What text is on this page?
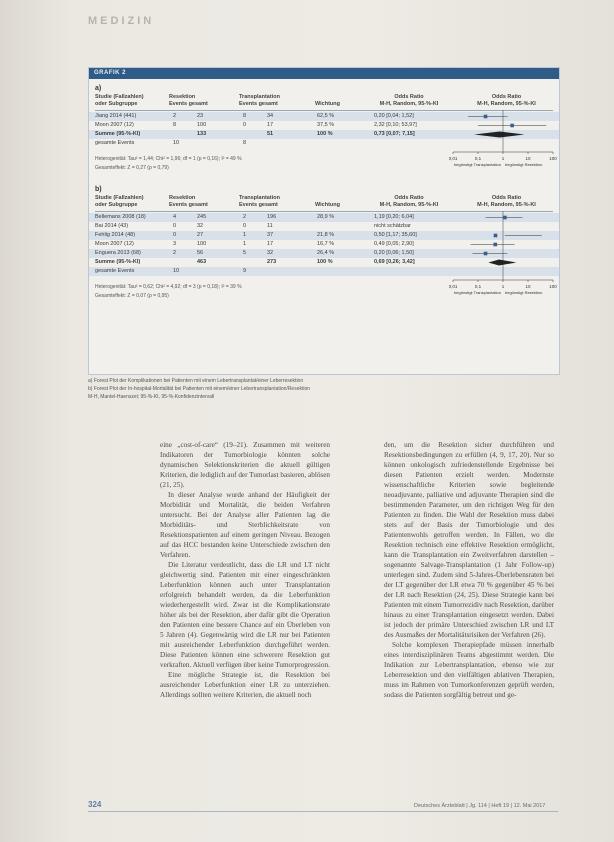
MEDIZIN
GRAFIK 2
a)
Studie (Fallzahlen)
oder Subgruppe
Resektion
Events gesamt
Transplantation
Events gesamt	Wichtung
Odds Ratio
M-H, Random, 95-%-KI
Odds Ratio
M-H, Random, 95-%-KI
Jiang 2014 (441)	2	23	8	34	62,5 %	0,20 [0,04; 1,52]
Moon 2007 (12)	8	100	0	17	37,5 %	2,32 [0,10; 53,97]
Summe (95-%-KI)	133	51	100 %	0,73 [0,07; 7,15]
gesamte Events	10	8
Heterogenität: Tau² = 1,44; Chi² = 1,96; df = 1 (p = 0,16); I² = 49 %
Gesamteffekt: Z = 0,27 (p = 0,79)
0,01	0,1	1	10	100
begünstigt Transplantation begünstigt Resektion
b)
Studie (Fallzahlen)
oder Subgruppe
Resektion
Events gesamt
Transplantation
Events gesamt	Wichtung
Odds Ratio
M-H, Random, 95-%-KI
Odds Ratio
M-H, Random, 95-%-KI
Bellemans 2008 (18)	4	245	2	196	28,9 %	1,19 [0,20; 6,04]
Bai 2014 (43)	0	32	0	11	nicht schätzbar
Fehlig 2014 (48)	0	27	1	37	21,8 %	0,50 [1,17; 35,60]
Moon 2007 (12)	3	100	1	17	16,7 %	0,49 [0,05; 2,90]
Enguera 2013 (68)	2	56	5	32	26,4 %	0,20 [0,06; 1,50]
Summe (95-%-KI)	463	273	100 %	0,69 [0,26; 3,42]
gesamte Events	10	9
Heterogenität: Tau² = 0,62; Chi² = 4,92; df = 3 (p = 0,18); I² = 39 %
Gesamteffekt: Z = 0,07 (p = 0,95)
0,01	0,1	1	10	100
begünstigt Transplantation begünstigt Resektion
a) Forest Plot der Komplikationen bei Patienten mit einem Lebertransplantat/einer Leberresektion
b) Forest Plot der In-hospital-Mortalität bei Patienten mit einem/einer Lebertransplantation/Resektion
M-H, Mantel-Haenszel; 95-%-KI, 95-%-Konfidenzintervall

eine „cost-of-care“ (19–21). Zusammen mit weiteren Indikatoren der Tumorbiologie könnten solche dynamischen Selektionskriterien die aktuell gültigen Kriterien, die lediglich auf der Tumorlast basieren, ablösen (21, 25).

In dieser Analyse wurde anhand der Häufigkeit der Morbidität und Mortalität, die beiden Verfahren untersucht. Bei der Analyse aller Patienten lag die Morbiditäts- und Sterblichkeitsrate von Resektionspatienten auf einem geringen Niveau. Bezogen auf das HCC bestanden keine Unterschiede zwischen den Verfahren.

Die Literatur verdeutlicht, dass die LR und LT nicht gleichwertig sind. Patienten mit einer eingeschränkten Leberfunktion können auch unter Transplantation erfolgreich behandelt werden, da die Leberfunktion wiederhergestellt wird. Zwar ist die Komplikationsrate höher als bei der Resektion, aber dafür gibt die Operation den Patienten eine bessere Chance auf ein Überleben von 5 Jahren (4). Gegenwärtig wird die LR nur bei Patienten mit ausreichender Leberfunktion durchgeführt werden. Diese Patienten können eine schwerere Resektion gut verkraften. Aktuell verfügen über keine Tumorprogression.

Eine mögliche Strategie ist, die Resektion bei ausreichender Leberfunktion einer LR zu unterziehen. Allerdings sollten weitere Kriterien, die aktuell noch

den, um die Resektion sicher durchführen und Resektionsbedingungen zu erfüllen (4, 9, 17, 20). Nur so können onkologisch zufriedenstellende Ergebnisse bei diesen Patienten erzielt werden. Modernste wissenschaftliche Kriterien sowie begleitende neoadjuvante, palliative und adjuvante Therapien sind die bestimmenden Parameter, um den richtigen Weg für den Patienten zu finden. Die Wahl der Resektion muss dabei stets auf der Basis der Tumorbiologie und des Patientenwohls getroffen werden. In Fällen, wo die Resektion technisch eine effektive Resektion ermöglicht, kann die Transplantation ein Zweitverfahren darstellen – sogenannte Salvage-Transplantation (1 Jahr Follow-up) unterlegen sind. Zudem sind 5-Jahres-Überlebensraten bei der LT gegenüber der LR etwa 70 % gegenüber 45 % bei der LR nach Resektion (24, 25). Diese Strategie kann bei Patienten mit einem Tumorrezidiv nach Resektion, darüber hinaus zu einer Transplantation eingesetzt werden. Dabei ist jedoch der primäre Unterschied zwischen LR und LT des Ausmaßes der Mortalitätsrisiken der Verfahren (26).

Solche komplexen Therapiepfade müssen innerhalb eines interdisziplinären Teams abgestimmt werden. Die Indikation zur Lebertransplantation, ebenso wie zur Leberresektion und den vielfältigen ablativen Therapien, muss im Rahmen von Tumorkonferenzen geprüft werden, sodass die Patienten sorgfältig betreut und ge-

324	Deutsches Ärzteblatt | Jg. 114 | Heft 19 | 12. Mai 2017
